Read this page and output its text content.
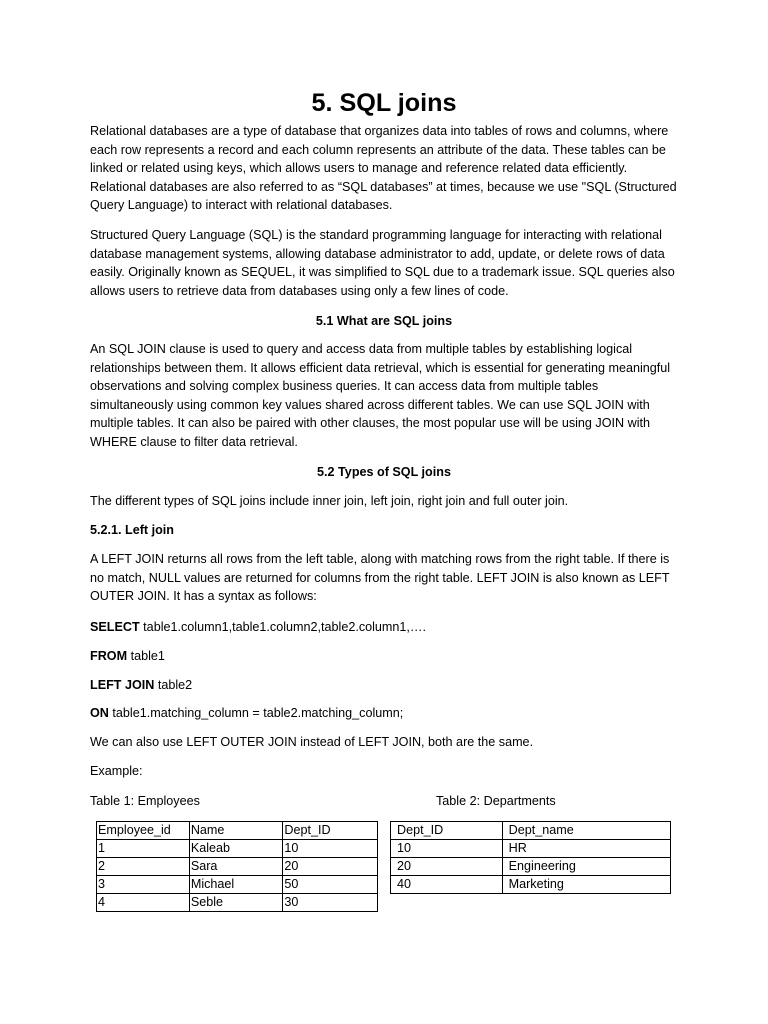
5. SQL joins

Relational databases are a type of database that organizes data into tables of rows and columns, where each row represents a record and each column represents an attribute of the data. These tables can be linked or related using keys, which allows users to manage and reference related data efficiently. Relational databases are also referred to as “SQL databases” at times, because we use "SQL (Structured Query Language) to interact with relational databases.

Structured Query Language (SQL) is the standard programming language for interacting with relational database management systems, allowing database administrator to add, update, or delete rows of data easily. Originally known as SEQUEL, it was simplified to SQL due to a trademark issue. SQL queries also allows users to retrieve data from databases using only a few lines of code.

5.1 What are SQL joins

An SQL JOIN clause is used to query and access data from multiple tables by establishing logical relationships between them. It allows efficient data retrieval, which is essential for generating meaningful observations and solving complex business queries. It can access data from multiple tables simultaneously using common key values shared across different tables. We can use SQL JOIN with multiple tables. It can also be paired with other clauses, the most popular use will be using JOIN with WHERE clause to filter data retrieval.

5.2 Types of SQL joins

The different types of SQL joins include inner join, left join, right join and full outer join.

5.2.1. Left join

A LEFT JOIN returns all rows from the left table, along with matching rows from the right table. If there is no match, NULL values are returned for columns from the right table. LEFT JOIN is also known as LEFT OUTER JOIN. It has a syntax as follows:

SELECT table1.column1,table1.column2,table2.column1,….

FROM table1

LEFT JOIN table2

ON table1.matching_column = table2.matching_column;

We can also use LEFT OUTER JOIN instead of LEFT JOIN, both are the same.

Example:

Table 1: Employees	Table 2: Departments

Employee_id	Name	Dept_ID
1	Kaleab	10
2	Sara	20
3	Michael	50
4	Seble	30
Dept_ID	Dept_name
10	HR
20	Engineering
40	Marketing
